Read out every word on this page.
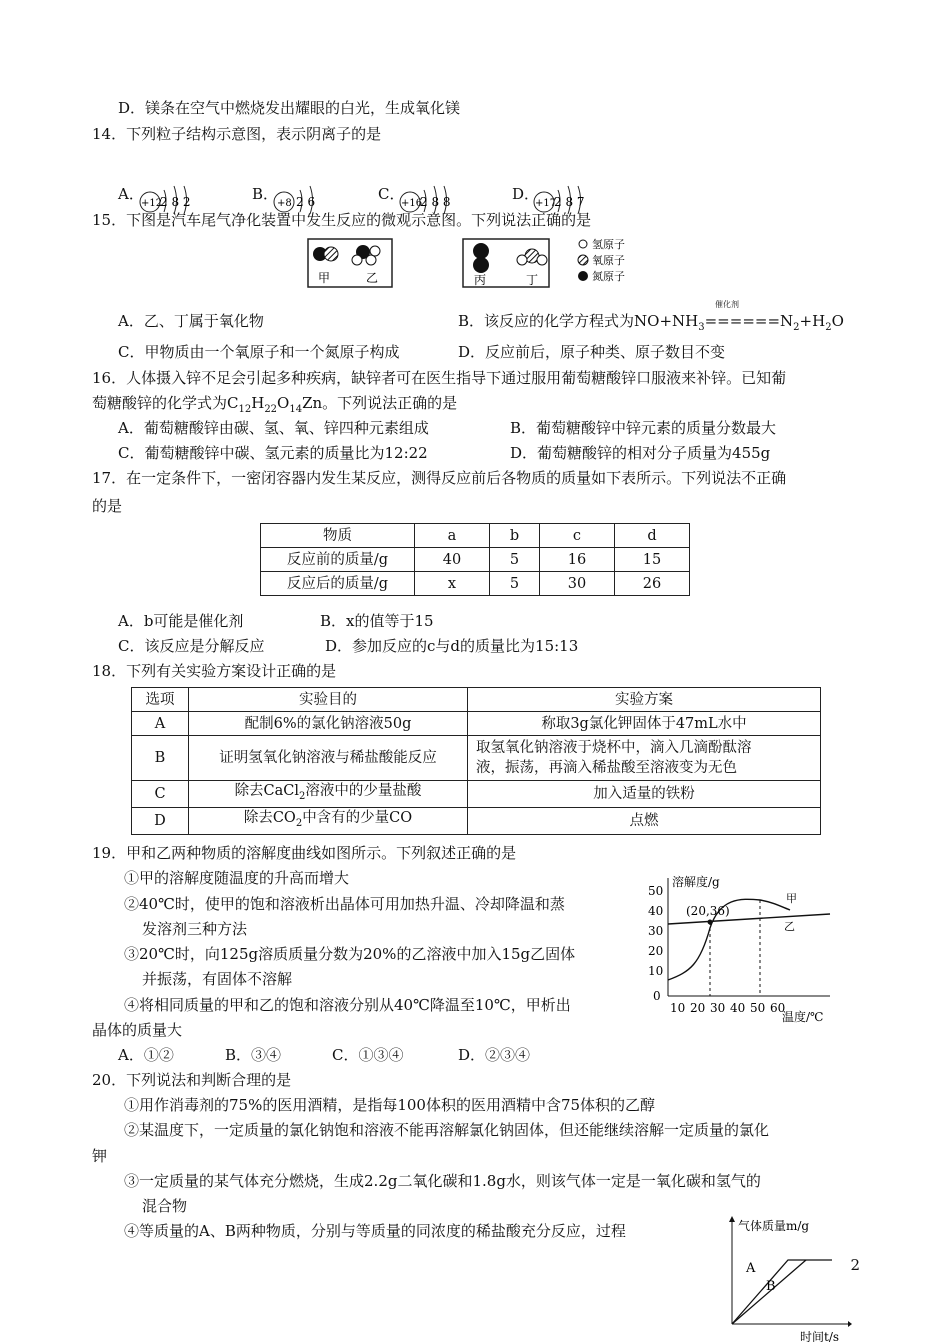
D．镁条在空气中燃烧发出耀眼的白光，生成氧化镁
14．下列粒子结构示意图，表示阴离子的是
A．
+12
2 8 2	B．
+8 2 6	C．
+16
2 8 8	D．
+17
2 8 7
15．下图是汽车尾气净化装置中发生反应的微观示意图。下列说法正确的是
甲	乙	丙	丁
氢原子
氧原子
氮原子
A．乙、丁属于氧化物
催化剂
B．该反应的化学方程式为$NO+NH_3======N_2+H_2O$
C．甲物质由一个氧原子和一个氮原子构成	D．反应前后，原子种类、原子数目不变
16．人体摄入锌不足会引起多种疾病，缺锌者可在医生指导下通过服用葡萄糖酸锌口服液来补锌。已知葡
萄糖酸锌的化学式为$C_{12}H_{22}O_{14}Zn$。下列说法正确的是
A．葡萄糖酸锌由碳、氢、氧、锌四种元素组成	B．葡萄糖酸锌中锌元素的质量分数最大
C．葡萄糖酸锌中碳、氢元素的质量比为12:22	D．葡萄糖酸锌的相对分子质量为455g
17．在一定条件下，一密闭容器内发生某反应，测得反应前后各物质的质量如下表所示。下列说法不正确
的是
物质	a	b	c	d
反应前的质量/g	40	5	16	15
反应后的质量/g	x	5	30	26
A．b可能是催化剂	B．x的值等于15
C．该反应是分解反应	D．参加反应的c与d的质量比为15:13
18．下列有关实验方案设计正确的是
选项	实验目的	实验方案
A	配制6%的氯化钠溶液50g	称取3g氯化钾固体于47mL水中
B	证明氢氧化钠溶液与稀盐酸能反应	取氢氧化钠溶液于烧杯中，滴入几滴酚酞溶
液，振荡，再滴入稀盐酸至溶液变为无色

C	除去CaCl$_2$溶液中的少量盐酸	加入适量的铁粉
D	除去$CO_2$中含有的少量CO	点燃
19．甲和乙两种物质的溶解度曲线如图所示。下列叙述正确的是
①甲的溶解度随温度的升高而增大
②40℃时，使甲的饱和溶液析出晶体可用加热升温、冷却降温和蒸
发溶剂三种方法
③20℃时，向125g溶质质量分数为20%的乙溶液中加入15g乙固体
并振荡，有固体不溶解
④将相同质量的甲和乙的饱和溶液分别从40℃降温至10℃，甲析出
晶体的质量大
A．①②	B．③④	C．①③④	D．②③④
溶解度/g
温度/℃
50
40
30
20
10
0
10 20 30 40 50 60
(20,36)
甲
乙
20．下列说法和判断合理的是
①用作消毒剂的75%的医用酒精，是指每100体积的医用酒精中含75体积的乙醇
②某温度下，一定质量的氯化钠饱和溶液不能再溶解氯化钠固体，但还能继续溶解一定质量的氯化
钾
③一定质量的某气体充分燃烧，生成2.2g二氧化碳和1.8g水，则该气体一定是一氧化碳和氢气的
混合物
④等质量的A、B两种物质，分别与等质量的同浓度的稀盐酸充分反应，过程	气体质量m/g
时间t/s
A
B
2
